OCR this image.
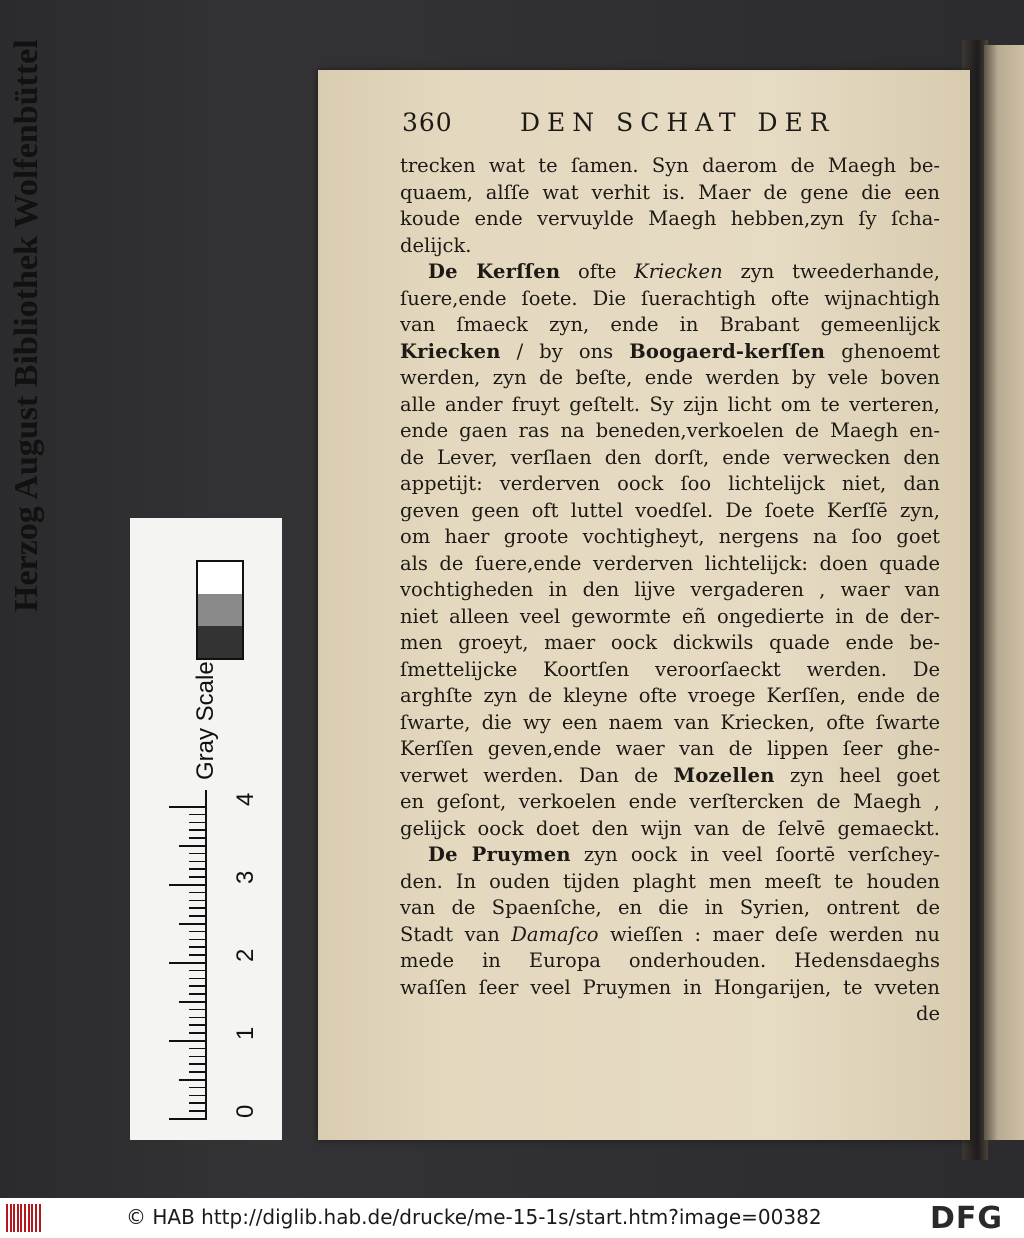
360	DEN SCHAT DER
trecken wat te ſamen. Syn daerom de Maegh be-
quaem, alſſe wat verhit is. Maer de gene die een
koude ende vervuylde Maegh hebben,zyn ſy ſcha-
delijck.
De Kerſſen ofte Kriecken zyn tweederhande,
ſuere,ende ſoete. Die ſuerachtigh ofte wijnachtigh
van ſmaeck zyn, ende in Brabant gemeenlijck
Kriecken / by ons Boogaerd-kerſſen ghenoemt
werden, zyn de beſte, ende werden by vele boven
alle ander fruyt geſtelt. Sy zijn licht om te verteren,
ende gaen ras na beneden,verkoelen de Maegh en-
de Lever, verſlaen den dorſt, ende verwecken den
appetijt: verderven oock ſoo lichtelijck niet, dan
geven geen oft luttel voedſel. De ſoete Kerſſē zyn,
om haer groote vochtigheyt, nergens na ſoo goet
als de ſuere,ende verderven lichtelijck: doen quade
vochtigheden in den lijve vergaderen , waer van
niet alleen veel gewormte eñ ongedierte in de der-
men groeyt, maer oock dickwils quade ende be-
ſmettelijcke Koortſen veroorſaeckt werden. De
arghſte zyn de kleyne ofte vroege Kerſſen, ende de
ſwarte, die wy een naem van Kriecken, ofte ſwarte
Kerſſen geven,ende waer van de lippen ſeer ghe-
verwet werden. Dan de Mozellen zyn heel goet
en geſont, verkoelen ende verſtercken de Maegh ,
gelijck oock doet den wijn van de ſelvē gemaeckt.
De Pruymen zyn oock in veel ſoortē verſchey-
den. In ouden tijden plaght men meeſt te houden
van de Spaenſche, en die in Syrien, ontrent de
Stadt van Damaſco wieſſen : maer deſe werden nu
mede in Europa onderhouden. Hedensdaeghs
waſſen ſeer veel Pruymen in Hongarijen, te vveten
de
Herzog August Bibliothek Wolfenbüttel
Gray Scale
0
1
2
3
4
© HAB http://diglib.hab.de/drucke/me-15-1s/start.htm?image=00382	DFG
